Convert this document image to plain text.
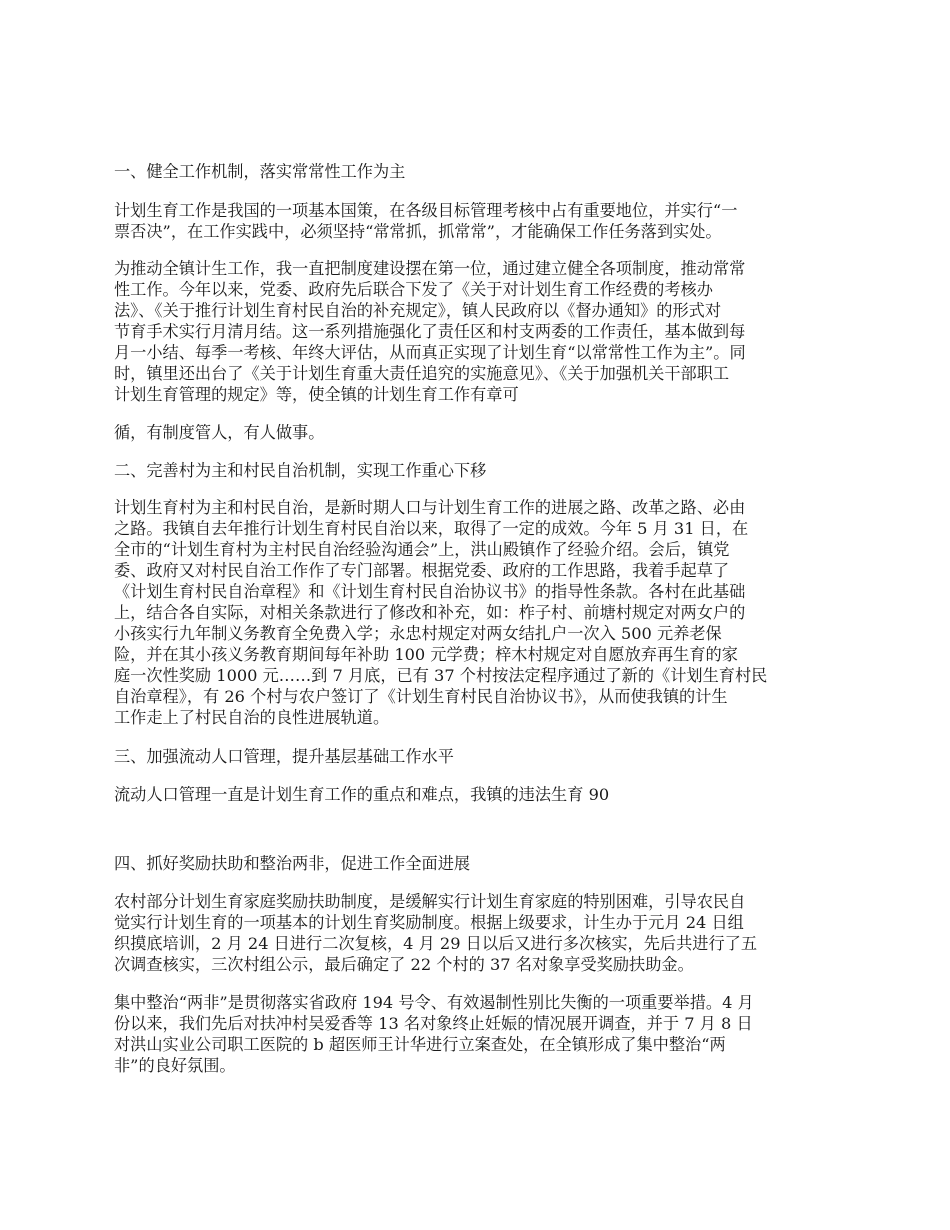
一、健全工作机制，落实常常性工作为主
计划生育工作是我国的一项基本国策，在各级目标管理考核中占有重要地位，并实行“一
票否决”，在工作实践中，必须坚持“常常抓，抓常常”，才能确保工作任务落到实处。
为推动全镇计生工作，我一直把制度建设摆在第一位，通过建立健全各项制度，推动常常
性工作。今年以来，党委、政府先后联合下发了《关于对计划生育工作经费的考核办
法》、《关于推行计划生育村民自治的补充规定》，镇人民政府以《督办通知》的形式对
节育手术实行月清月结。这一系列措施强化了责任区和村支两委的工作责任，基本做到每
月一小结、每季一考核、年终大评估，从而真正实现了计划生育“以常常性工作为主”。同
时，镇里还出台了《关于计划生育重大责任追究的实施意见》、《关于加强机关干部职工
计划生育管理的规定》等，使全镇的计划生育工作有章可
循，有制度管人，有人做事。
二、完善村为主和村民自治机制，实现工作重心下移
计划生育村为主和村民自治，是新时期人口与计划生育工作的进展之路、改革之路、必由
之路。我镇自去年推行计划生育村民自治以来，取得了一定的成效。今年 5 月 31 日，在
全市的“计划生育村为主村民自治经验沟通会”上，洪山殿镇作了经验介绍。会后，镇党
委、政府又对村民自治工作作了专门部署。根据党委、政府的工作思路，我着手起草了
《计划生育村民自治章程》和《计划生育村民自治协议书》的指导性条款。各村在此基础
上，结合各自实际，对相关条款进行了修改和补充，如：柞子村、前塘村规定对两女户的
小孩实行九年制义务教育全免费入学；永忠村规定对两女结扎户一次入 500 元养老保
险，并在其小孩义务教育期间每年补助 100 元学费；梓木村规定对自愿放弃再生育的家
庭一次性奖励 1000 元……到 7 月底，已有 37 个村按法定程序通过了新的《计划生育村民
自治章程》，有 26 个村与农户签订了《计划生育村民自治协议书》，从而使我镇的计生
工作走上了村民自治的良性进展轨道。
三、加强流动人口管理，提升基层基础工作水平
流动人口管理一直是计划生育工作的重点和难点，我镇的违法生育 90
四、抓好奖励扶助和整治两非，促进工作全面进展
农村部分计划生育家庭奖励扶助制度，是缓解实行计划生育家庭的特别困难，引导农民自
觉实行计划生育的一项基本的计划生育奖励制度。根据上级要求，计生办于元月 24 日组
织摸底培训，2 月 24 日进行二次复核，4 月 29 日以后又进行多次核实，先后共进行了五
次调查核实，三次村组公示，最后确定了 22 个村的 37 名对象享受奖励扶助金。
集中整治“两非”是贯彻落实省政府 194 号令、有效遏制性别比失衡的一项重要举措。4 月
份以来，我们先后对扶冲村吴爱香等 13 名对象终止妊娠的情况展开调查，并于 7 月 8 日
对洪山实业公司职工医院的 b 超医师王计华进行立案查处，在全镇形成了集中整治“两
非”的良好氛围。
